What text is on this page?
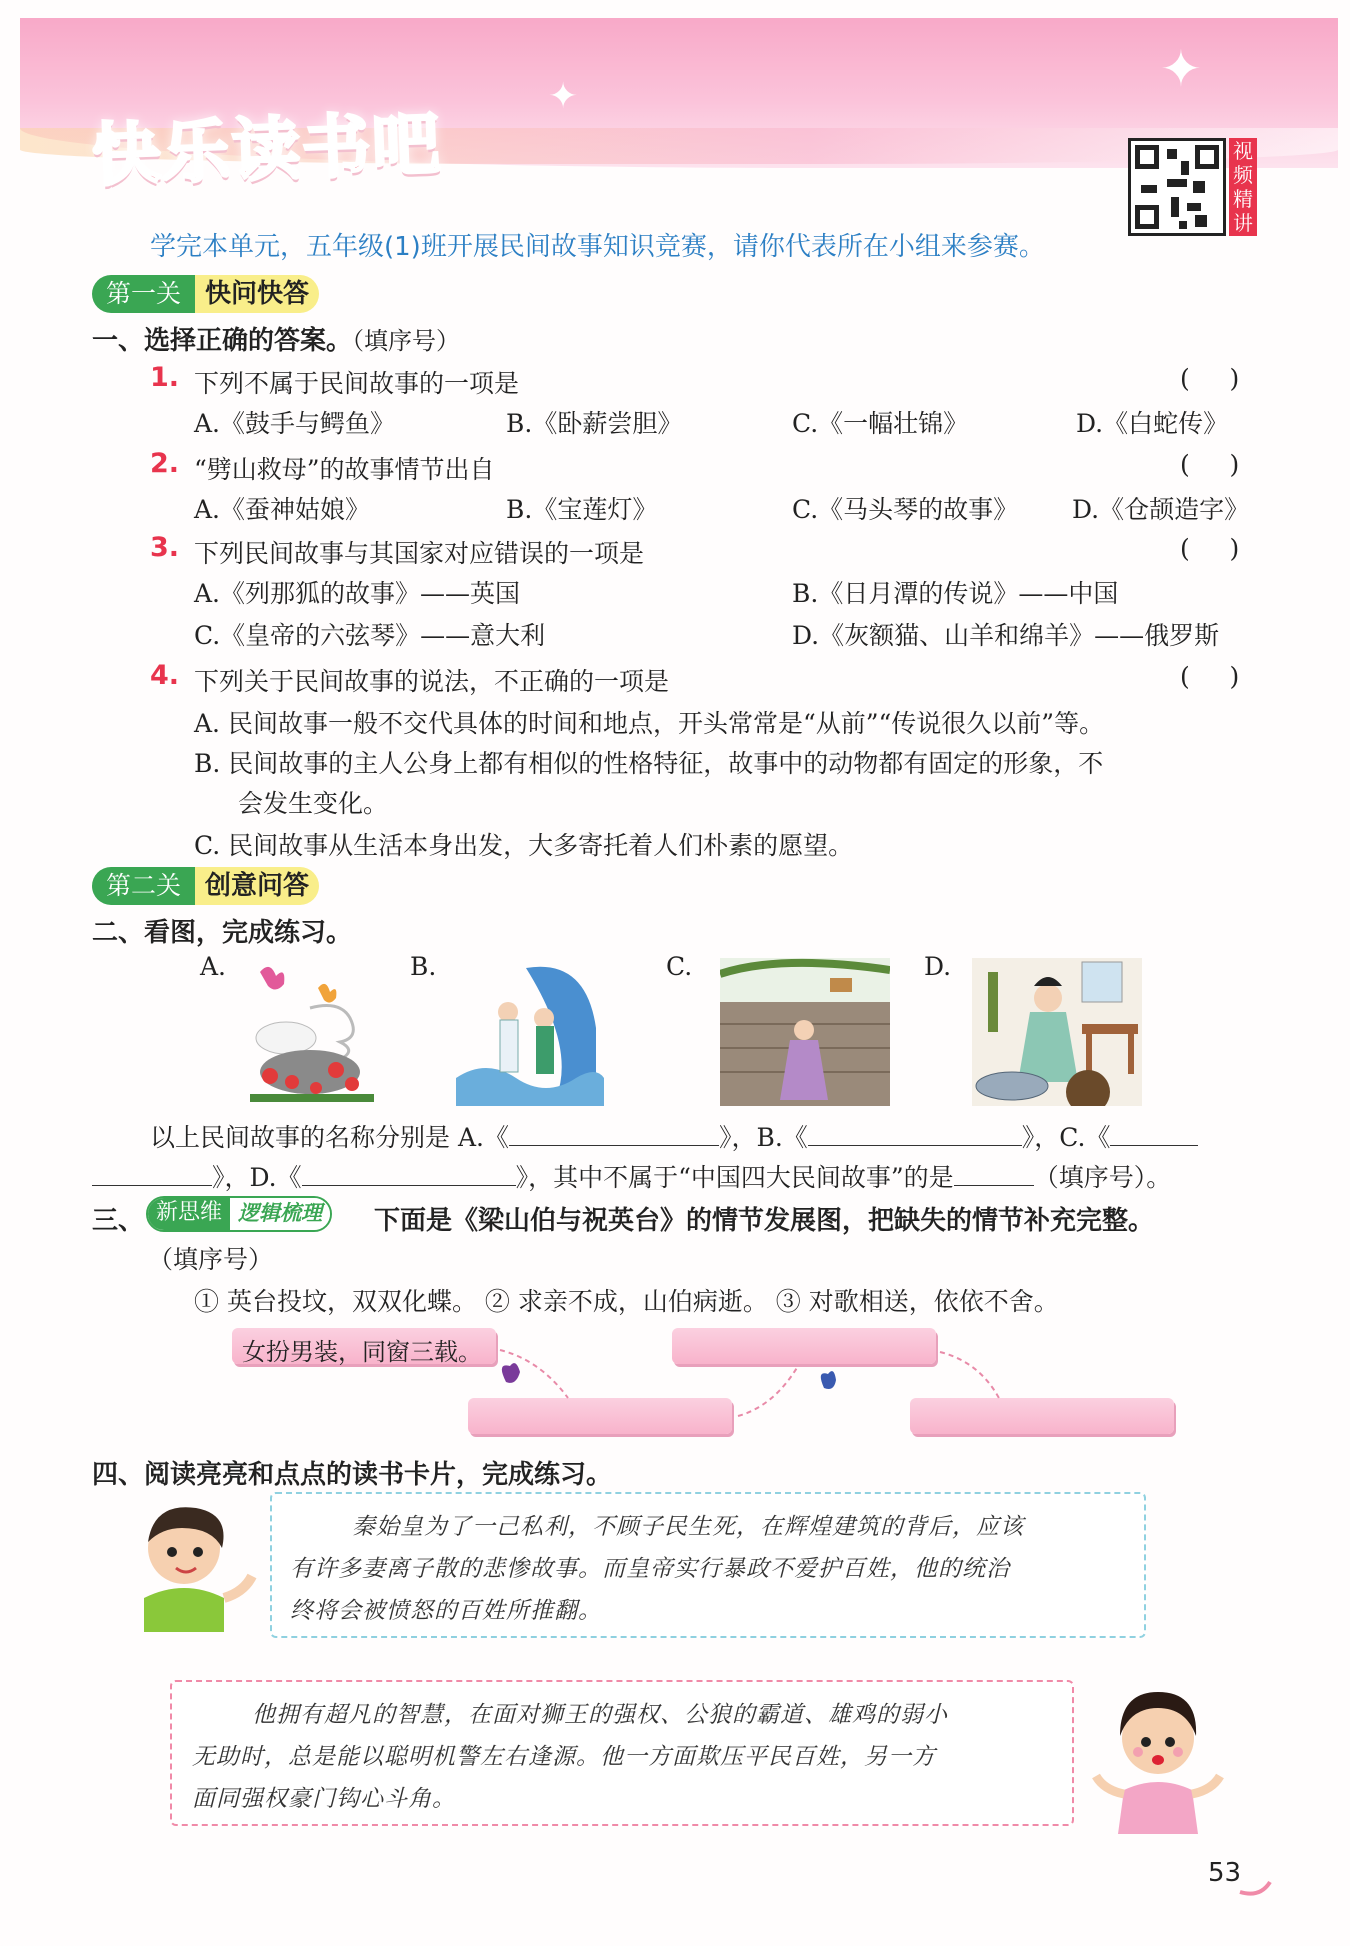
✦
✦
快乐读书吧	视频精讲
学完本单元，五年级(1)班开展民间故事知识竞赛，请你代表所在小组来参赛。
第一关 快问快答
一、选择正确的答案。（填序号）
1. 下列不属于民间故事的一项是	(     )
A.《鼓手与鳄鱼》	B.《卧薪尝胆》	C.《一幅壮锦》	D.《白蛇传》
2. “劈山救母”的故事情节出自	(     )
A.《蚕神姑娘》	B.《宝莲灯》	C.《马头琴的故事》 D.《仓颉造字》
3. 下列民间故事与其国家对应错误的一项是	(     )
A.《列那狐的故事》——英国	B.《日月潭的传说》——中国
C.《皇帝的六弦琴》——意大利	D.《灰额猫、山羊和绵羊》——俄罗斯
4. 下列关于民间故事的说法，不正确的一项是	(     )
A. 民间故事一般不交代具体的时间和地点，开头常常是“从前”“传说很久以前”等。
B. 民间故事的主人公身上都有相似的性格特征，故事中的动物都有固定的形象，不
会发生变化。
C. 民间故事从生活本身出发，大多寄托着人们朴素的愿望。
第二关 创意问答
二、看图，完成练习。
A.	B.	C.	D.
以上民间故事的名称分别是 A.《	》，B.《	》，C.《
》，D.《	》，其中不属于“中国四大民间故事”的是	（填序号）。
三、 新思维 逻辑梳理	下面是《梁山伯与祝英台》的情节发展图，把缺失的情节补充完整。
（填序号）
① 英台投坟，双双化蝶。 ② 求亲不成，山伯病逝。 ③ 对歌相送，依依不舍。
女扮男装，同窗三载。
四、阅读亮亮和点点的读书卡片，完成练习。
秦始皇为了一己私利，不顾子民生死，在辉煌建筑的背后，应该
有许多妻离子散的悲惨故事。而皇帝实行暴政不爱护百姓，他的统治
终将会被愤怒的百姓所推翻。
他拥有超凡的智慧，在面对狮王的强权、公狼的霸道、雄鸡的弱小
无助时，总是能以聪明机警左右逢源。他一方面欺压平民百姓，另一方
面同强权豪门钩心斗角。
53
